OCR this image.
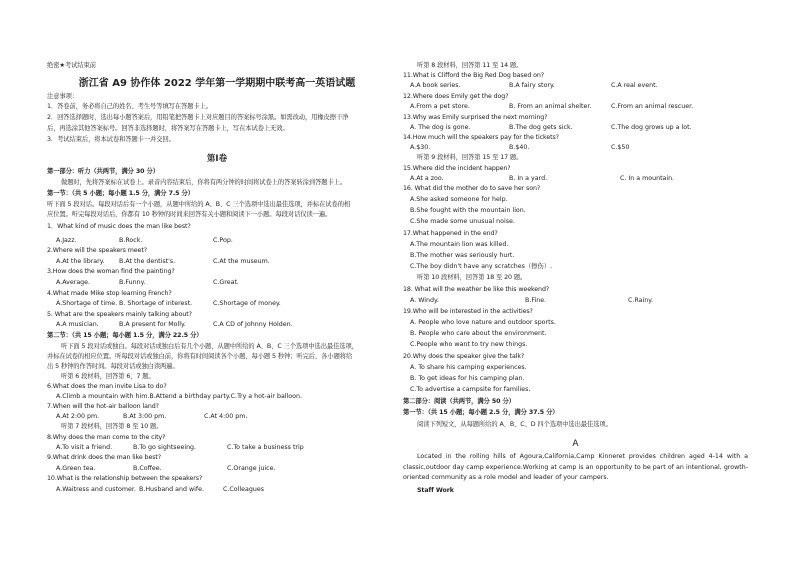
绝密★考试结束前
浙江省 A9 协作体 2022 学年第一学期期中联考高一英语试题
注意事项：
1．答卷前，务必将自己的姓名、考生号等填写在答题卡上。
2．回答选择题时，选出每小题答案后，用铅笔把答题卡上对应题目的答案标号涂黑。如需改动，用橡皮擦干净
后，再选涂其他答案标号。回答非选择题时，将答案写在答题卡上，写在本试卷上无效。
3．考试结束后，将本试卷和答题卡一并交回。
第Ⅰ卷
第一部分：听力（共两节，满分 30 分）
做题时，先将答案标在试卷上。录音内容结束后，你将有两分钟的时间将试卷上的答案转涂到答题卡上。
第一节：（共 5 小题；每小题 1.5 分，满分 7.5 分）
听下面 5 段对话。每段对话后有一个小题，从题中所给的 A、B、C 三个选项中选出最佳选项，并标在试卷的相
应位置。听完每段对话后，你都有 10 秒钟的时间来回答有关小题和阅读下一小题。每段对话仅读一遍。
1．What kind of music does the man like best?
A.Jazz.	B.Rock.	C.Pop.
2.Where will the speakers meet?
A.At the library. B.At the dentist's.	C.At the museum.
3.How does the woman find the painting?
A.Average.	B.Funny.	C.Great.
4.What made Mike stop learning French?
A.Shortage of time. B. Shortage of interest.	C.Shortage of money.
5. What are the speakers mainly talking about?
A.A musician.	B.A present for Molly.	C.A CD of Johnny Holden.
第二节：（共 15 小题；每小题 1.5 分，满分 22.5 分）
听下面 5 段对话或独白。每段对话或独白后有几个小题，从题中所给的 A、B、C 三个选项中选出最佳选项，
并标在试卷的相应位置。听每段对话或独白前，你将有时间阅读各个小题，每小题 5 秒钟；听完后，各小题将给
出 5 秒钟的作答时间。每段对话或独白读两遍。
听第 6 段材料，回答第 6、7 题。
6.What does the man invite Lisa to do?
A.Climb a mountain with him.B.Attend a birthday party.C.Try a hot-air balloon.
7.When will the hot-air balloon land?
A.At 2:00 pm.	B.At 3:00 pm.	C.At 4:00 pm.
听第 7 段材料，回答第 8 至 10 题。
8.Why does the man come to the city?
A.To visit a friend.	B.To go sightseeing.	C.To take a business trip
9.What drink does the man like best?
A.Green tea.	B.Coffee.	C.Orange juice.
10.What is the relationship between the speakers?
A.Waitress and customer. B.Husband and wife.	C.Colleagues
听第 8 段材料，回答第 11 至 14 题。
11.What is Clifford the Big Red Dog based on?
A.A book series.	B.A fairy story.	C.A real event.
12.Where does Emily get the dog?
A.From a pet store.	B. From an animal shelter.	C.From an animal rescuer.
13.Why was Emily surprised the next morning?
A. The dog is gone.	B.The dog gets sick.	C.The dog grows up a lot.
14.How much will the speakers pay for the tickets?
A.$30.	B.$40.	C.$50
听第 9 段材料，回答第 15 至 17 题。
15.Where did the incident happen?
A.At a zoo.	B. In a yard.	C. In a mountain.
16. What did the mother do to save her son?
A.She asked someone for help.
B.She fought with the mountain lion.
C.She made some unusual noise.
17.What happened in the end?
A.The mountain lion was killed.
B.The mother was seriously hurt.
C.The boy didn't have any scratches（擦伤）.
听第 10 段材料，回答第 18 至 20 题。
18. What will the weather be like this weekend?
A. Windy.	B.Fine.	C.Rainy.
19.Who will be interested in the activities?
A. People who love nature and outdoor sports.
B. People who care about the environment.
C.People who want to try new things.
20.Why does the speaker give the talk?
A. To share his camping experiences.
B. To get ideas for his camping plan.
C.To advertise a campsite for families.
第二部分：阅读（共两节，满分 50 分）
第一节：（共 15 小题；每小题 2.5 分，满分 37.5 分）
阅读下列短文，从每题所给的 A、B、C、D 四个选项中选出最佳选项。
A
Located in the rolling hills of Agoura,California,Camp Kinneret provides children aged 4-14 with a classic,outdoor day camp experience.Working at camp is an opportunity to be part of an intentional, growth-oriented community as a role model and leader of your campers.
Staff Work
